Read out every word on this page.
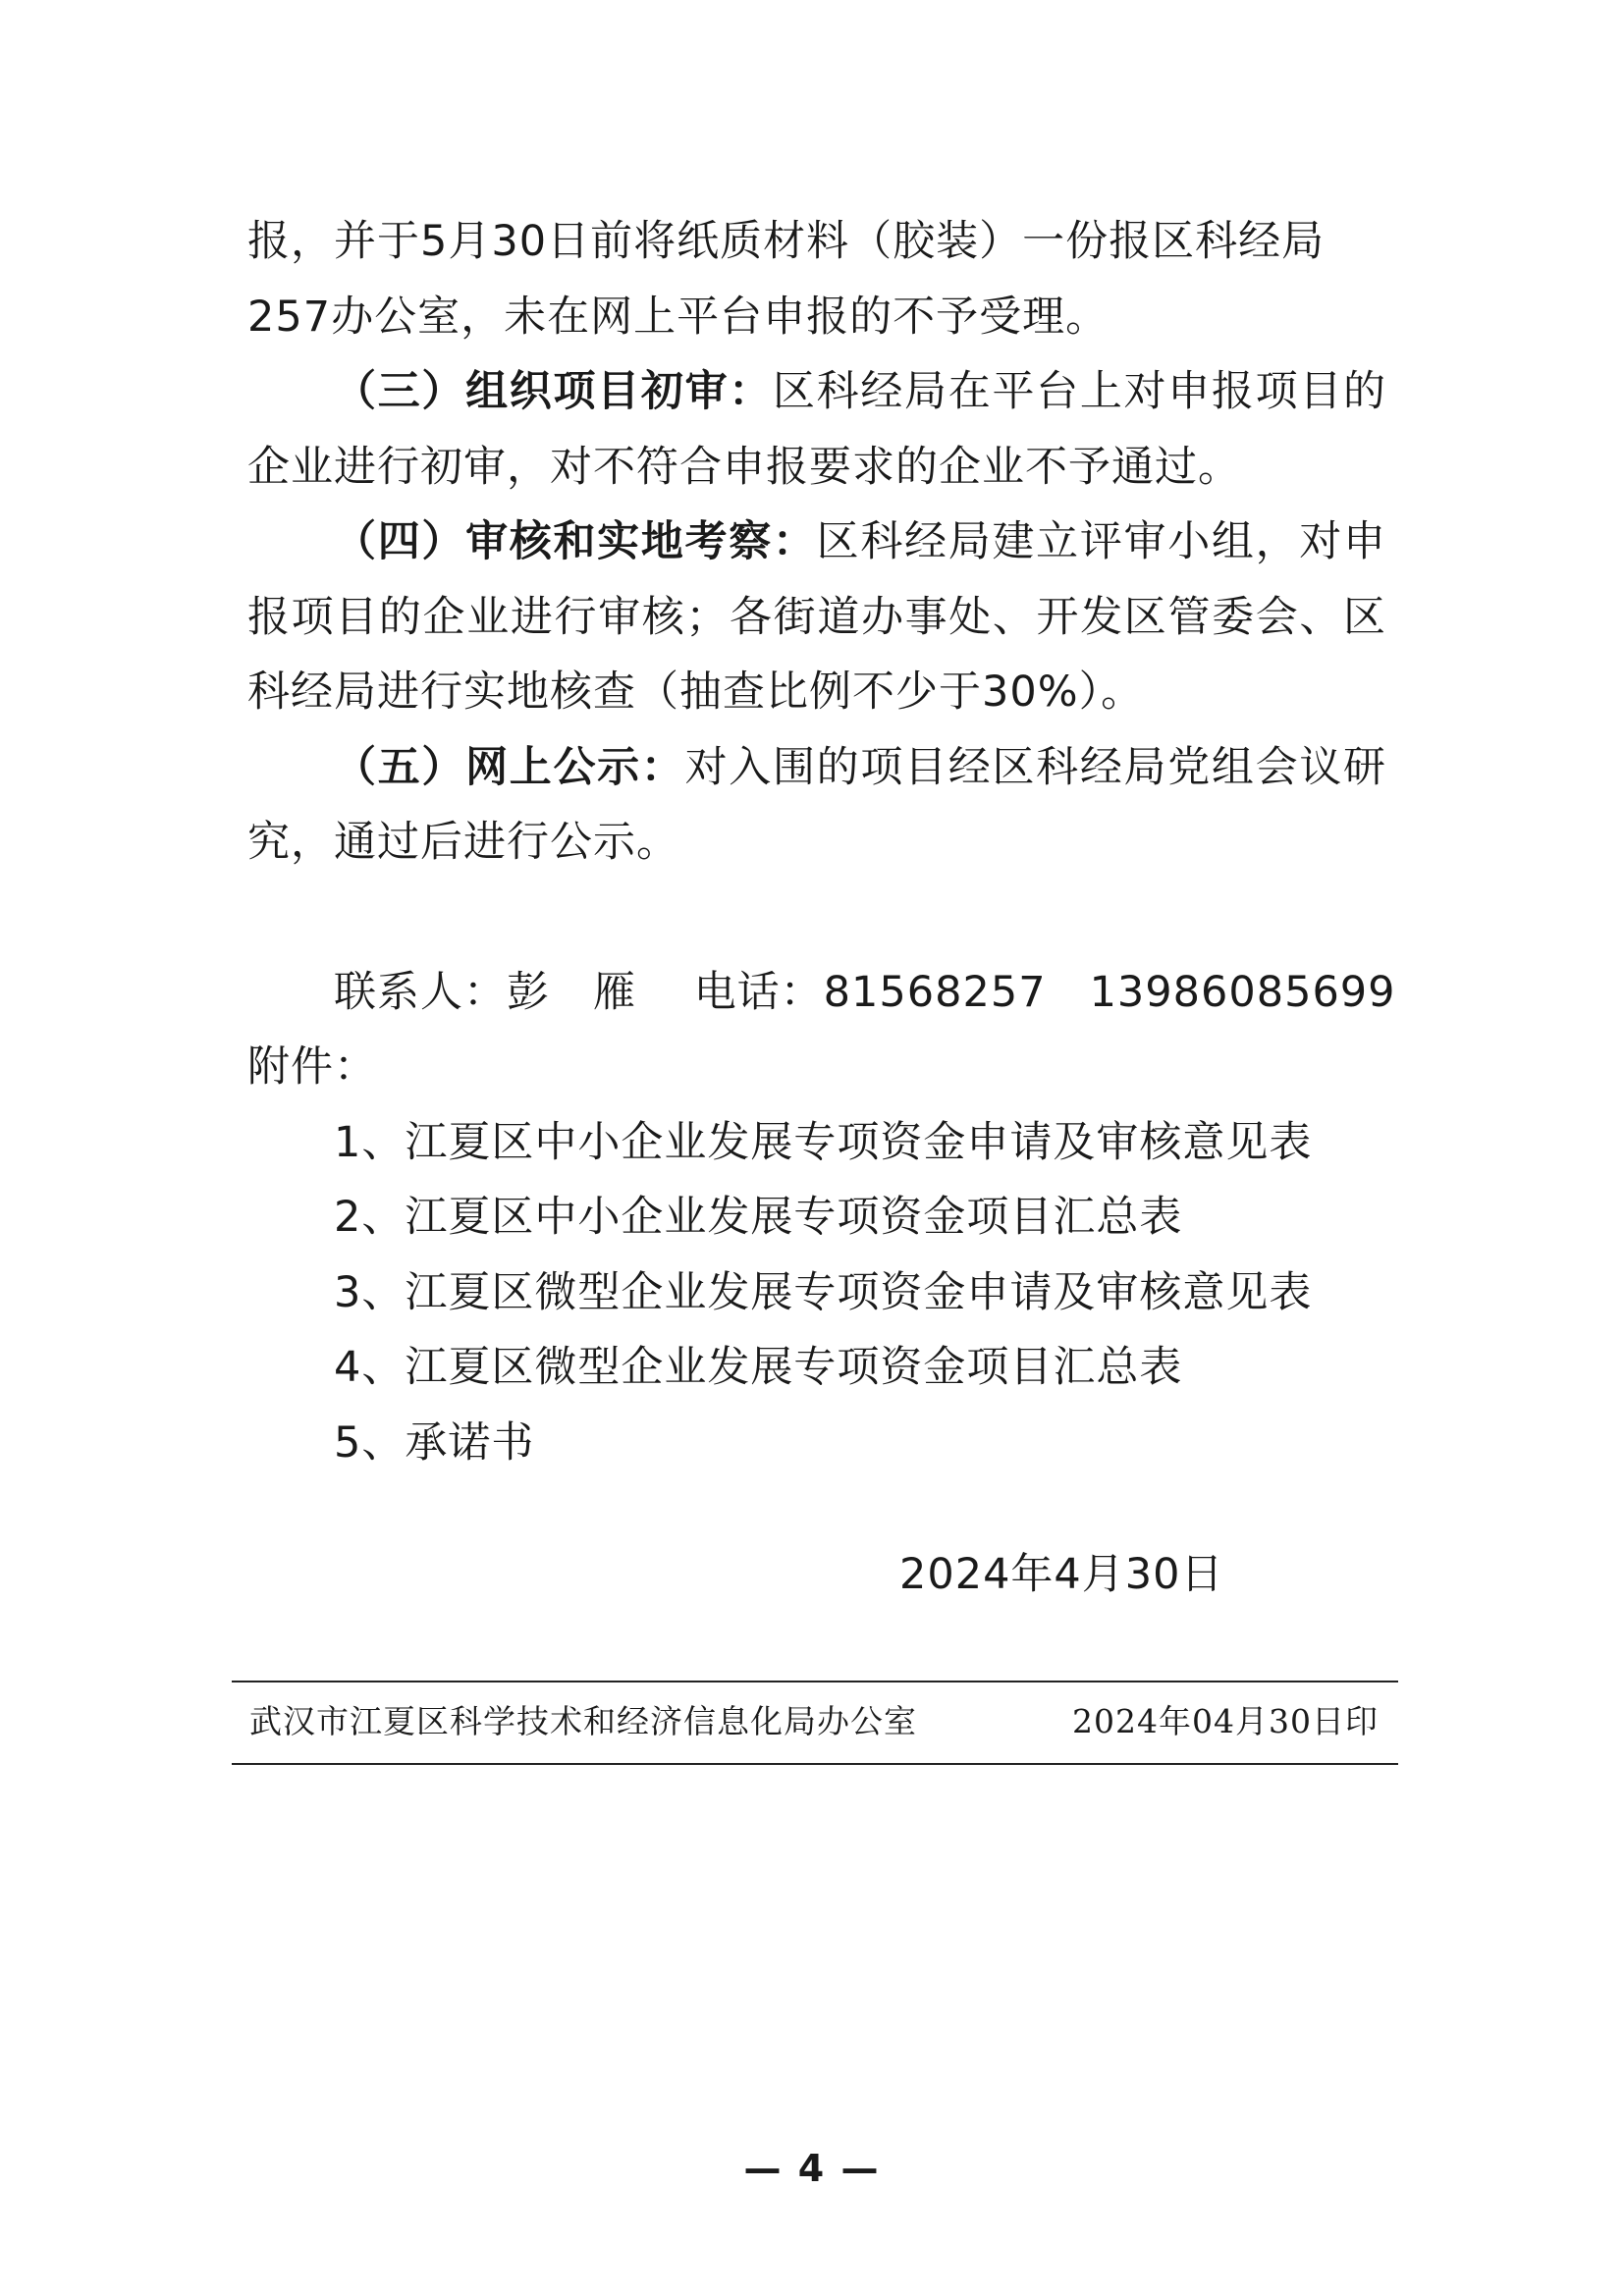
报，并于5月30日前将纸质材料（胶装）一份报区科经局
257办公室，未在网上平台申报的不予受理。

（三）组织项目初审：区科经局在平台上对申报项目的企业进行初审，对不符合申报要求的企业不予通过。

（四）审核和实地考察：区科经局建立评审小组，对申报项目的企业进行审核；各街道办事处、开发区管委会、区科经局进行实地核查（抽查比例不少于30%）。

（五）网上公示：对入围的项目经区科经局党组会议研究，通过后进行公示。

联系人：彭　雁 电话：81568257 13986085699

附件：

1、江夏区中小企业发展专项资金申请及审核意见表

2、江夏区中小企业发展专项资金项目汇总表

3、江夏区微型企业发展专项资金申请及审核意见表

4、江夏区微型企业发展专项资金项目汇总表

5、承诺书

2024年4月30日
武汉市江夏区科学技术和经济信息化局办公室	2024年04月30日印
— 4 —
